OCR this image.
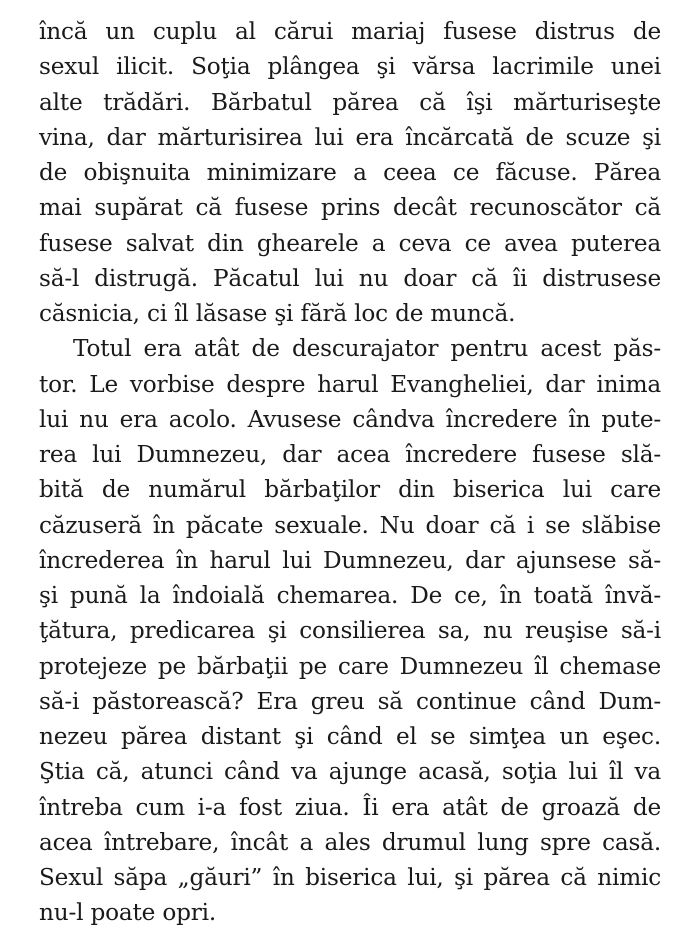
încă un cuplu al cărui mariaj fusese distrus de
sexul ilicit. Soţia plângea şi vărsa lacrimile unei
alte trădări. Bărbatul părea că îşi mărturiseşte
vina, dar mărturisirea lui era încărcată de scuze şi
de obişnuita minimizare a ceea ce făcuse. Părea
mai supărat că fusese prins decât recunoscător că
fusese salvat din ghearele a ceva ce avea puterea
să-l distrugă. Păcatul lui nu doar că îi distrusese
căsnicia, ci îl lăsase şi fără loc de muncă.
Totul era atât de descurajator pentru acest păs-
tor. Le vorbise despre harul Evangheliei, dar inima
lui nu era acolo. Avusese cândva încredere în pute-
rea lui Dumnezeu, dar acea încredere fusese slă-
bită de numărul bărbaţilor din biserica lui care
căzuseră în păcate sexuale. Nu doar că i se slăbise
încrederea în harul lui Dumnezeu, dar ajunsese să-
şi pună la îndoială chemarea. De ce, în toată învă-
ţătura, predicarea şi consilierea sa, nu reuşise să-i
protejeze pe bărbaţii pe care Dumnezeu îl chemase
să-i păstorească? Era greu să continue când Dum-
nezeu părea distant şi când el se simţea un eşec.
Ştia că, atunci când va ajunge acasă, soţia lui îl va
întreba cum i-a fost ziua. Îi era atât de groază de
acea întrebare, încât a ales drumul lung spre casă.
Sexul săpa „găuri” în biserica lui, şi părea că nimic
nu-l poate opri.
